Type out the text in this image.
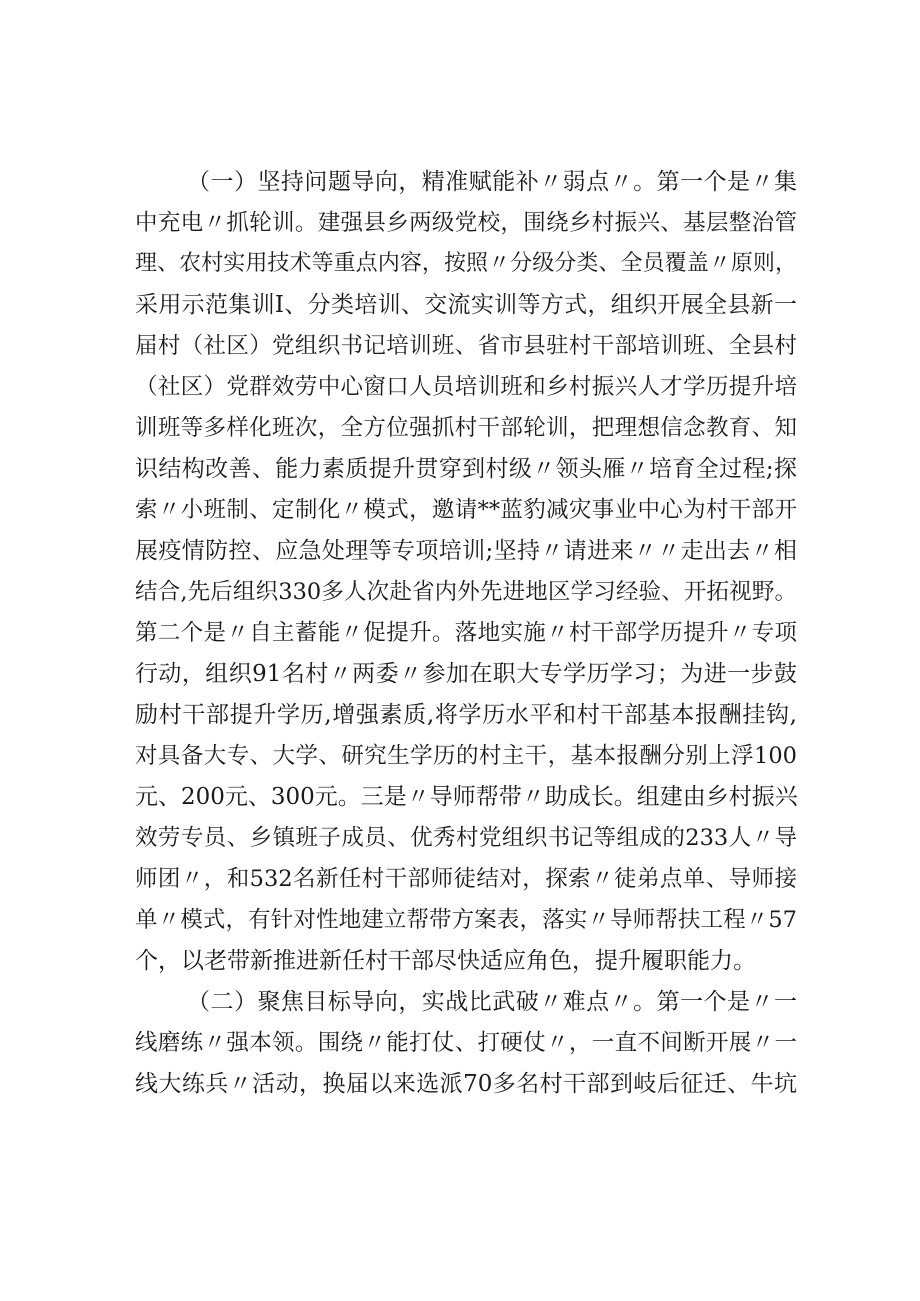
（一）坚持问题导向，精准赋能补〃弱点〃。第一个是〃集
中充电〃抓轮训。建强县乡两级党校，围绕乡村振兴、基层整治管
理、农村实用技术等重点内容，按照〃分级分类、全员覆盖〃原则，
采用示范集训I、分类培训、交流实训等方式，组织开展全县新一
届村（社区）党组织书记培训班、省市县驻村干部培训班、全县村
（社区）党群效劳中心窗口人员培训班和乡村振兴人才学历提升培
训班等多样化班次，全方位强抓村干部轮训，把理想信念教育、知
识结构改善、能力素质提升贯穿到村级〃领头雁〃培育全过程;探
索〃小班制、定制化〃模式，邀请**蓝豹减灾事业中心为村干部开
展疫情防控、应急处理等专项培训;坚持〃请进来〃〃走出去〃相
结合,先后组织330多人次赴省内外先进地区学习经验、开拓视野。
第二个是〃自主蓄能〃促提升。落地实施〃村干部学历提升〃专项
行动，组织91名村〃两委〃参加在职大专学历学习；为进一步鼓
励村干部提升学历,增强素质,将学历水平和村干部基本报酬挂钩,
对具备大专、大学、研究生学历的村主干，基本报酬分别上浮100
元、200元、300元。三是〃导师帮带〃助成长。组建由乡村振兴
效劳专员、乡镇班子成员、优秀村党组织书记等组成的233人〃导
师团〃，和532名新任村干部师徒结对，探索〃徒弟点单、导师接
单〃模式，有针对性地建立帮带方案表，落实〃导师帮扶工程〃57
个，以老带新推进新任村干部尽快适应角色，提升履职能力。
（二）聚焦目标导向，实战比武破〃难点〃。第一个是〃一
线磨练〃强本领。围绕〃能打仗、打硬仗〃，一直不间断开展〃一
线大练兵〃活动，换届以来选派70多名村干部到岐后征迁、牛坑
